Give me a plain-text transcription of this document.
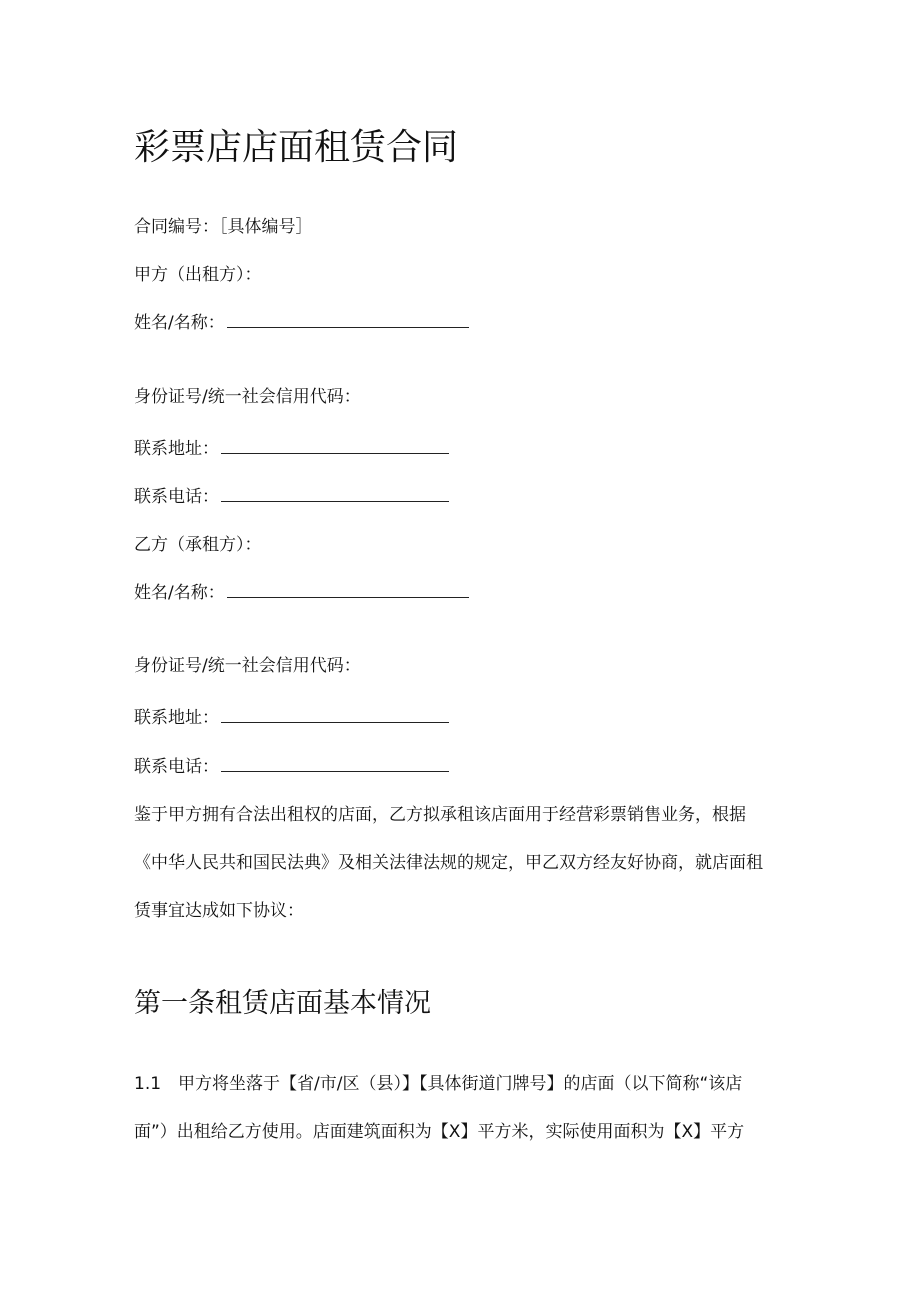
彩票店店面租赁合同
合同编号：［具体编号］
甲方（出租方）：
姓名/名称：
身份证号/统一社会信用代码：
联系地址：
联系电话：
乙方（承租方）：
姓名/名称：
身份证号/统一社会信用代码：
联系地址：
联系电话：
鉴于甲方拥有合法出租权的店面，乙方拟承租该店面用于经营彩票销售业务，根据
《中华人民共和国民法典》及相关法律法规的规定，甲乙双方经友好协商，就店面租
赁事宜达成如下协议：
第一条租赁店面基本情况
1.1　甲方将坐落于【省/市/区（县）】【具体街道门牌号】的店面（以下简称“该店
面”）出租给乙方使用。店面建筑面积为【X】平方米，实际使用面积为【X】平方
